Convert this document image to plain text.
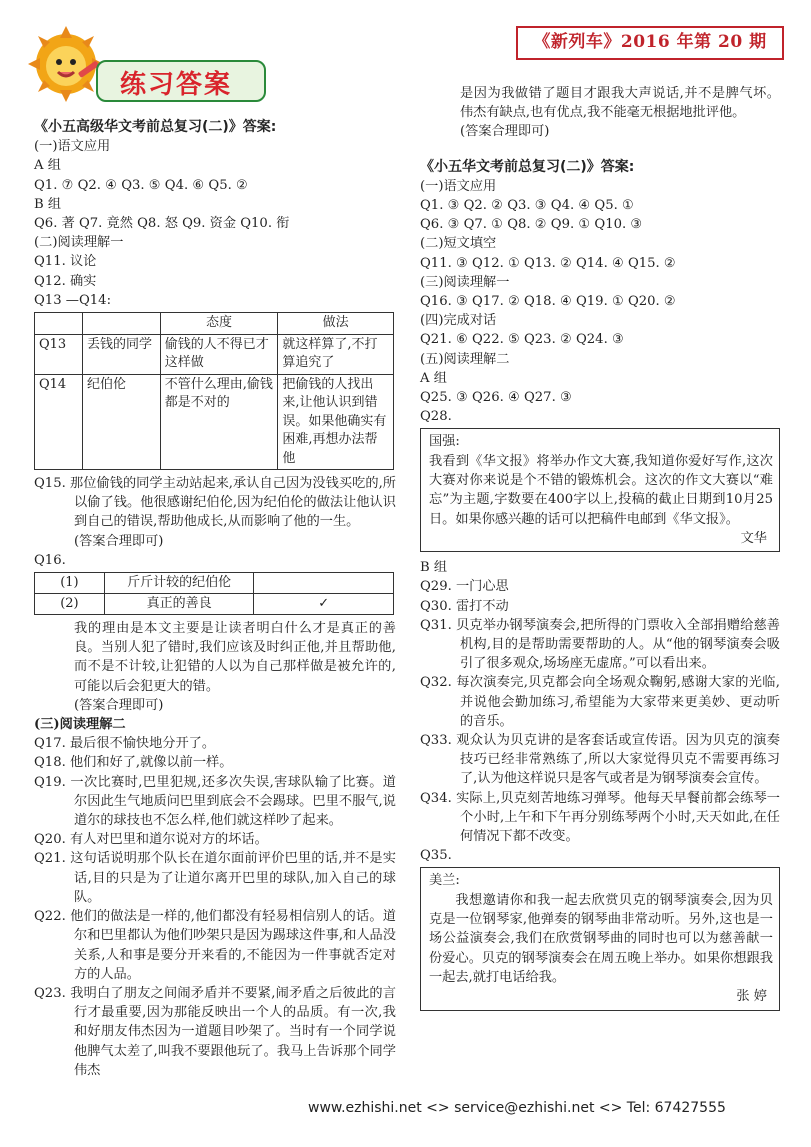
练习答案
《新列车》2016 年第 20 期
《小五高级华文考前总复习(二)》答案:
(一)语文应用
A 组
Q1. ⑦ Q2. ④ Q3. ⑤ Q4. ⑥ Q5. ②
B 组
Q6. 著 Q7. 竟然 Q8. 怒 Q9. 资金 Q10. 衔
(二)阅读理解一
Q11. 议论
Q12. 确实
Q13 —Q14:
		态度	做法
Q13	丢钱的同学	偷钱的人不得已才这样做	就这样算了,不打算追究了
Q14	纪伯伦	不管什么理由,偷钱都是不对的	把偷钱的人找出来,让他认识到错误。如果他确实有困难,再想办法帮他
Q15. 那位偷钱的同学主动站起来,承认自己因为没钱买吃的,所以偷了钱。他很感谢纪伯伦,因为纪伯伦的做法让他认识到自己的错误,帮助他成长,从而影响了他的一生。
(答案合理即可)
Q16.
(1)	斤斤计较的纪伯伦	
(2)	真正的善良	✓
我的理由是本文主要是让读者明白什么才是真正的善良。当别人犯了错时,我们应该及时纠正他,并且帮助他,而不是不计较,让犯错的人以为自己那样做是被允许的,可能以后会犯更大的错。
(答案合理即可)
(三)阅读理解二
Q17. 最后很不愉快地分开了。
Q18. 他们和好了,就像以前一样。
Q19. 一次比赛时,巴里犯规,还多次失误,害球队输了比赛。道尔因此生气地质问巴里到底会不会踢球。巴里不服气,说道尔的球技也不怎么样,他们就这样吵了起来。
Q20. 有人对巴里和道尔说对方的坏话。
Q21. 这句话说明那个队长在道尔面前评价巴里的话,并不是实话,目的只是为了让道尔离开巴里的球队,加入自己的球队。
Q22. 他们的做法是一样的,他们都没有轻易相信别人的话。道尔和巴里都认为他们吵架只是因为踢球这件事,和人品没关系,人和事是要分开来看的,不能因为一件事就否定对方的人品。
Q23. 我明白了朋友之间闹矛盾并不要紧,闹矛盾之后彼此的言行才最重要,因为那能反映出一个人的品质。有一次,我和好朋友伟杰因为一道题目吵架了。当时有一个同学说他脾气太差了,叫我不要跟他玩了。我马上告诉那个同学伟杰
是因为我做错了题目才跟我大声说话,并不是脾气坏。伟杰有缺点,也有优点,我不能毫无根据地批评他。
(答案合理即可)
《小五华文考前总复习(二)》答案:
(一)语文应用
Q1. ③ Q2. ② Q3. ③ Q4. ④ Q5. ①
Q6. ③ Q7. ① Q8. ② Q9. ① Q10. ③
(二)短文填空
Q11. ③ Q12. ① Q13. ② Q14. ④ Q15. ②
(三)阅读理解一
Q16. ③ Q17. ② Q18. ④ Q19. ① Q20. ②
(四)完成对话
Q21. ⑥ Q22. ⑤ Q23. ② Q24. ③
(五)阅读理解二
A 组
Q25. ③ Q26. ④ Q27. ③
Q28.
国强:

我看到《华文报》将举办作文大赛,我知道你爱好写作,这次大赛对你来说是个不错的锻炼机会。这次的作文大赛以“难忘”为主题,字数要在400字以上,投稿的截止日期到10月25日。如果你感兴趣的话可以把稿件电邮到《华文报》。

文华
B 组
Q29. 一门心思
Q30. 雷打不动
Q31. 贝克举办钢琴演奏会,把所得的门票收入全部捐赠给慈善机构,目的是帮助需要帮助的人。从“他的钢琴演奏会吸引了很多观众,场场座无虚席。”可以看出来。
Q32. 每次演奏完,贝克都会向全场观众鞠躬,感谢大家的光临,并说他会勤加练习,希望能为大家带来更美妙、更动听的音乐。
Q33. 观众认为贝克讲的是客套话或宣传语。因为贝克的演奏技巧已经非常熟练了,所以大家觉得贝克不需要再练习了,认为他这样说只是客气或者是为钢琴演奏会宣传。
Q34. 实际上,贝克刻苦地练习弹琴。他每天早餐前都会练琴一个小时,上午和下午再分别练琴两个小时,天天如此,在任何情况下都不改变。
Q35.
美兰:

我想邀请你和我一起去欣赏贝克的钢琴演奏会,因为贝克是一位钢琴家,他弹奏的钢琴曲非常动听。另外,这也是一场公益演奏会,我们在欣赏钢琴曲的同时也可以为慈善献一份爱心。贝克的钢琴演奏会在周五晚上举办。如果你想跟我一起去,就打电话给我。

张 婷
www.ezhishi.net <> service@ezhishi.net <> Tel: 67427555
